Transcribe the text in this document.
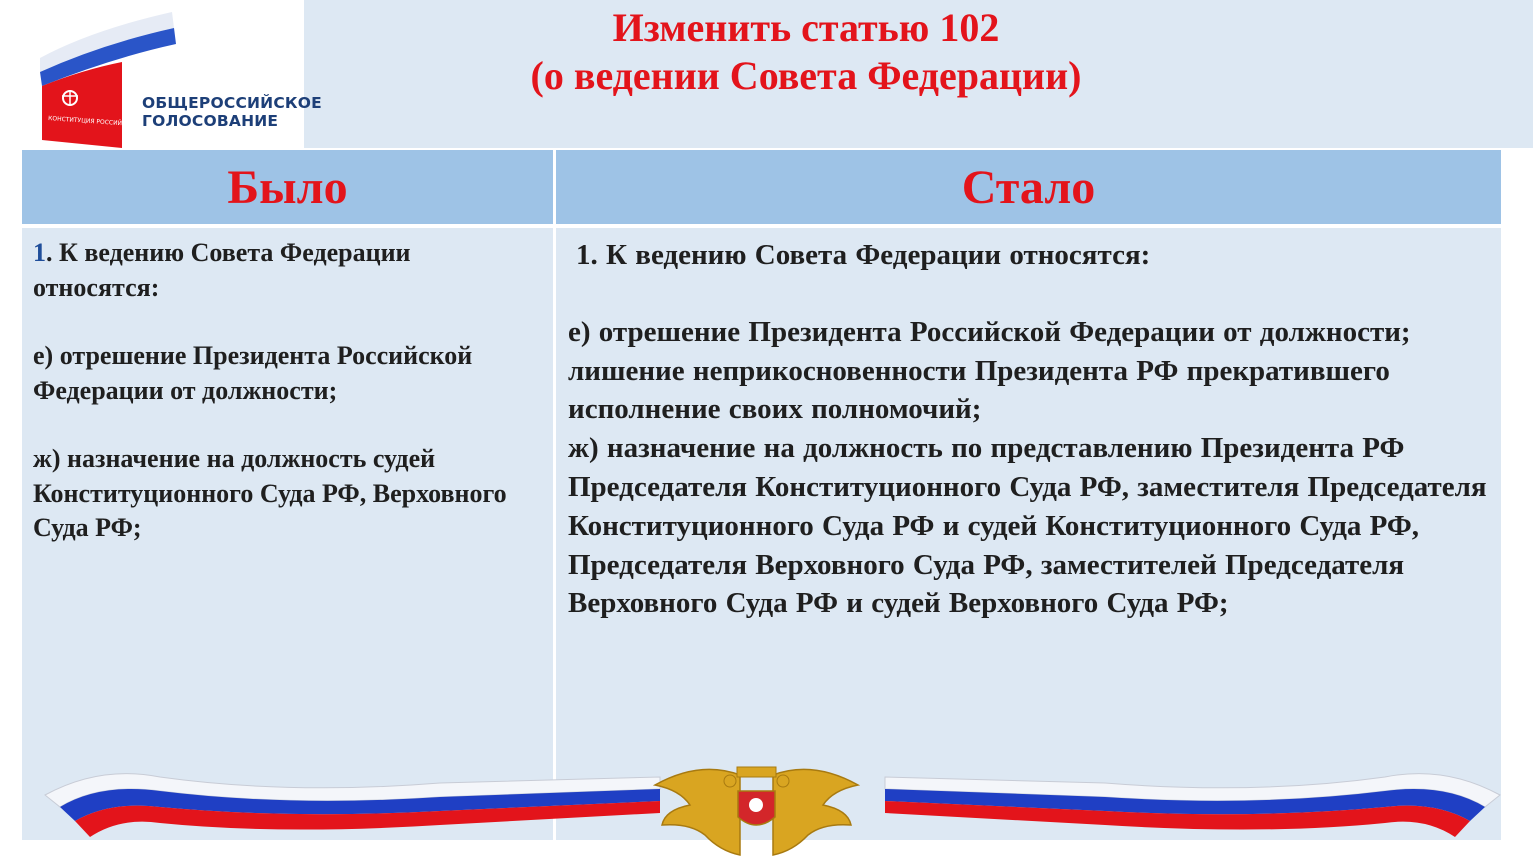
КОНСТИТУЦИЯ РОССИЙСКОЙ ФЕДЕРАЦИИ
ОБЩЕРОССИЙСКОЕ
ГОЛОСОВАНИЕ
Изменить статью 102
(о ведении Совета Федерации)
Было	Стало
1. К ведению Совета Федерации относятся:
е) отрешение Президента Российской Федерации от должности;
ж) назначение на должность судей Конституционного Суда РФ, Верховного Суда РФ;
1. К ведению Совета Федерации относятся:
е) отрешение Президента Российской Федерации от должности; лишение неприкосновенности Президента РФ прекратившего исполнение своих полномочий;
ж) назначение на должность по представлению Президента РФ Председателя Конституционного Суда РФ, заместителя Председателя Конституционного Суда РФ и судей Конституционного Суда РФ, Председателя Верховного Суда РФ, заместителей Председателя Верховного Суда РФ и судей Верховного Суда РФ;
